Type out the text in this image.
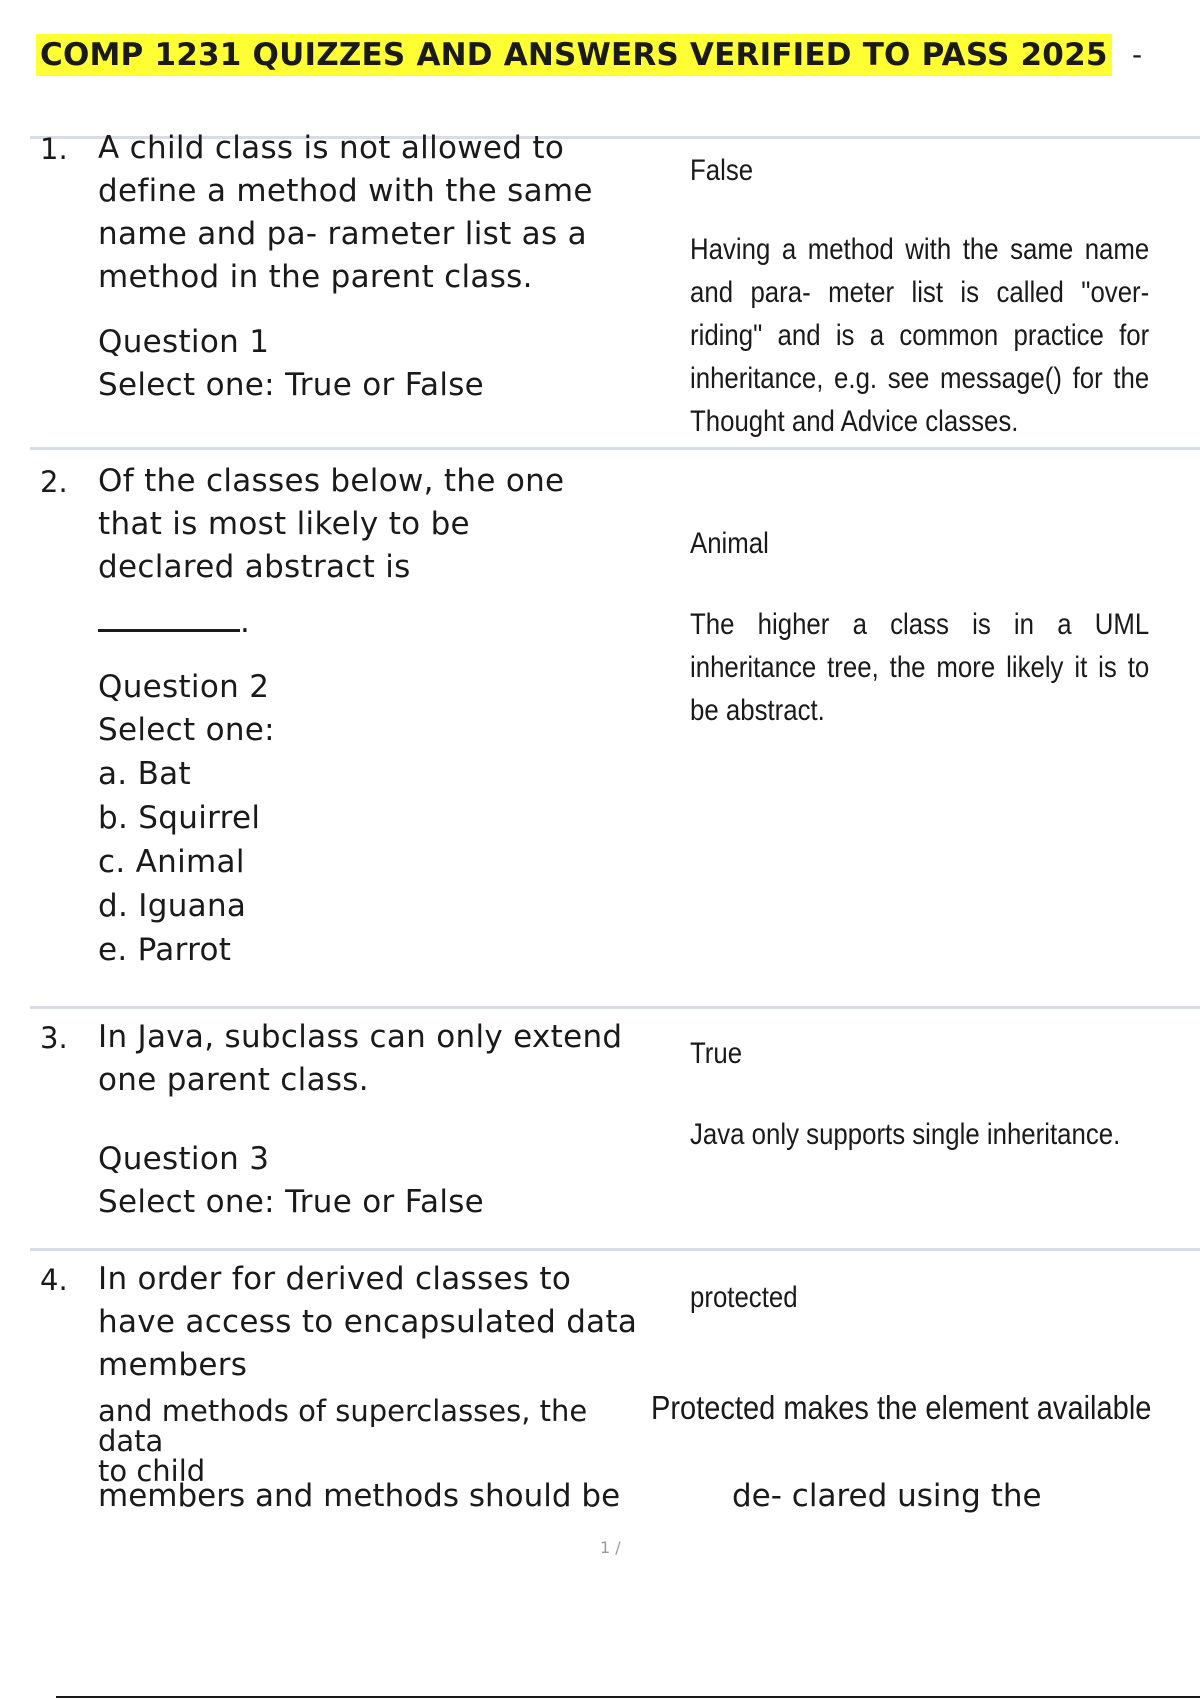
COMP 1231 QUIZZES AND ANSWERS VERIFIED TO PASS 2025 -
1. A child class is not allowed to
define a method with the same
name and pa- rameter list as a
method in the parent class.
Question 1
Select one: True or False
False
Having a method with the same name and para- meter list is called "over-riding" and is a common practice for inheritance, e.g. see message() for the Thought and Advice classes.
2. Of the classes below, the one
that is most likely to be
declared abstract is
.
Question 2
Select one:
a. Bat
b. Squirrel
c. Animal
d. Iguana
e. Parrot
Animal
The higher a class is in a UML inheritance tree, the more likely it is to be abstract.
3. In Java, subclass can only extend
one parent class.
Question 3
Select one: True or False
True
Java only supports single inheritance.
4. In order for derived classes to
have access to encapsulated data
members
and methods of superclasses, the data
to child
members and methods should be
protected
Protected makes the element available
de- clared using the
1 /
